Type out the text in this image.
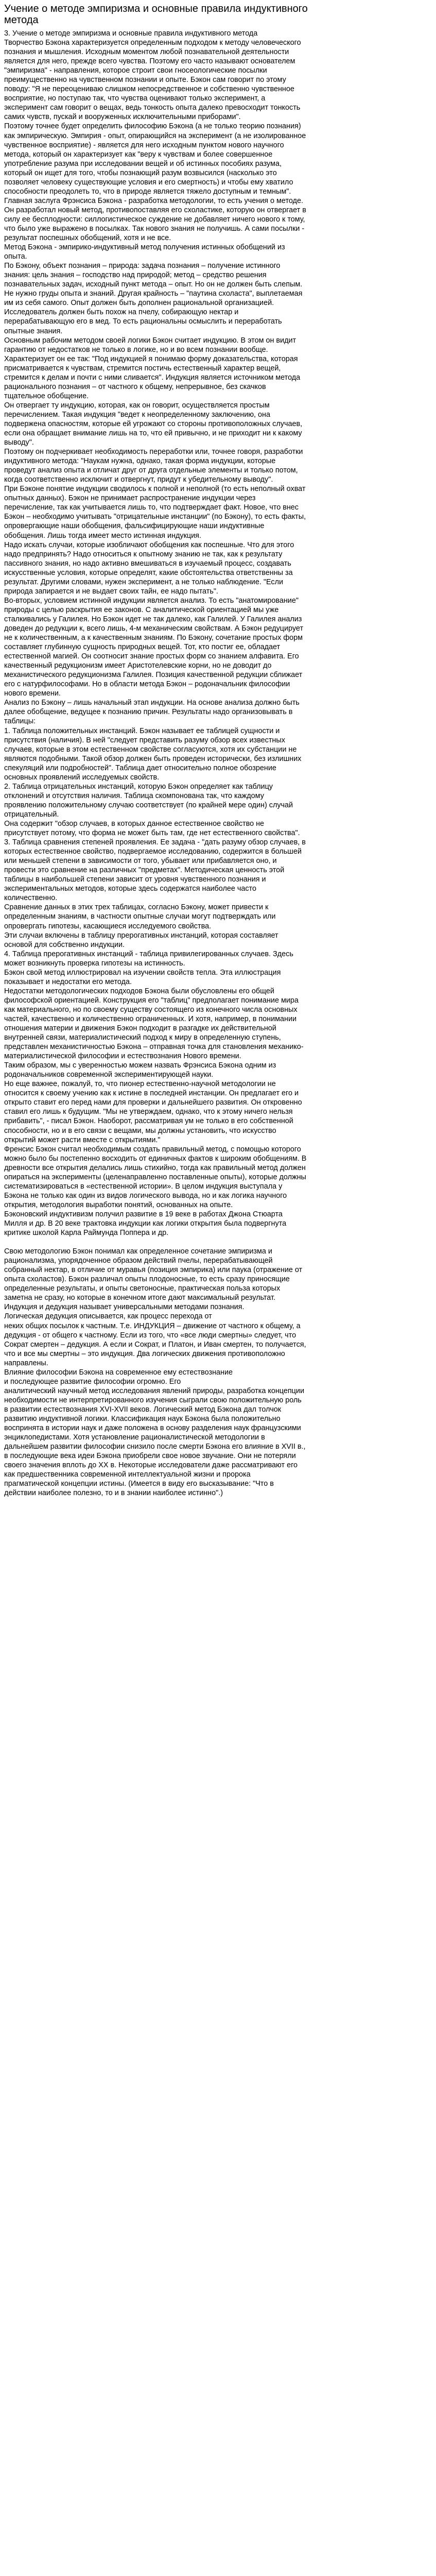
Учение о методе эмпиризма и основные правила индуктивного метода

3. Учение о методе эмпиризма и основные правила индуктивного метода

Творчество Бэкона характеризуется определенным подходом к методу человеческого познания и мышления. Исходным моментом любой познавательной деятельности является для него, прежде всего чувства. Поэтому его часто называют основателем "эмпиризма" - направления, которое строит свои гносеологические посылки преимущественно на чувственном познании и опыте. Бэкон сам говорит по этому поводу: "Я не переоцениваю слишком непосредственное и собственно чувственное восприятие, но поступаю так, что чувства оценивают только эксперимент, а эксперимент сам говорит о вещах, ведь тонкость опыта далеко превосходит тонкость самих чувств, пускай и вооруженных исключительными приборами".

Поэтому точнее будет определить философию Бэкона (а не только теорию познания) как эмпирическую. Эмпирия - опыт, опирающийся на эксперимент (а не изолированное чувственное восприятие) - является для него исходным пунктом нового научного метода, который он характеризует как "веру к чувствам и более совершенное употребление разума при исследовании вещей и об истинных пособиях разума, который он ищет для того, чтобы познающий разум возвысился (насколько это позволяет человеку существующие условия и его смертность) и чтобы ему хватило способности преодолеть то, что в природе является тяжело доступным и темным".

Главная заслуга Фрэнсиса Бэкона - разработка методологии, то есть учения о методе. Он разработал новый метод, противопоставляя его схоластике, которую он отвергает в силу ее бесплодности: силлогистическое суждение не добавляет ничего нового к тому, что было уже выражено в посылках. Так нового знания не получишь. А сами посылки - результат поспешных обобщений, хотя и не все.

Метод Бэкона - эмпирико-индуктивный метод получения истинных обобщений из опыта.

По Бэкону, объект познания – природа: задача познания – получение истинного знания: цель знания – господство над природой; метод – средство решения познавательных задач, исходный пункт метода – опыт. Но он не должен быть слепым. Не нужно груды опыта и знаний. Другая крайность – "паутина схоласта", выплетаемая им из себя самого. Опыт должен быть дополнен рациональной организацией. Исследователь должен быть похож на пчелу, собирающую нектар и перерабатывающую его в мед. То есть рациональны осмыслить и переработать опытные знания.

Основным рабочим методом своей логики Бэкон считает индукцию. В этом он видит гарантию от недостатков не только в логике, но и во всем познании вообще.

Характеризует он ее так: "Под индукцией я понимаю форму доказательства, которая присматривается к чувствам, стремится постичь естественный характер вещей, стремится к делам и почти с ними сливается". Индукция является источником метода рационального познания – от частного к общему, непрерывное, без скачков тщательное обобщение.

Он отвергает ту индукцию, которая, как он говорит, осуществляется простым перечислением. Такая индукция "ведет к неопределенному заключению, она подвержена опасностям, которые ей угрожают со стороны противоположных случаев, если она обращает внимание лишь на то, что ей привычно, и не приходит ни к какому выводу".

Поэтому он подчеркивает необходимость переработки или, точнее говоря, разработки индуктивного метода: "Наукам нужна, однако, такая форма индукции, которые проведут анализ опыта и отличат друг от друга отдельные элементы и только потом, когда соответственно исключит и отвергнут, придут к убедительному выводу".

При Бэконе понятие индукции сводилось к полной и неполной (то есть неполный охват опытных данных). Бэкон не принимает распространение индукции через перечисление, так как учитывается лишь то, что подтверждает факт. Новое, что внес Бэкон – необходимо учитывать "отрицательные инстанции" (по Бэкону), то есть факты, опровергающие наши обобщения, фальсифицирующие наши индуктивные обобщения. Лишь тогда имеет место истинная индукция.

Надо искать случаи, которые изобличают обобщения как поспешные. Что для этого надо предпринять? Надо относиться к опытному знанию не так, как к результату пассивного знания, но надо активно вмешиваться в изучаемый процесс, создавать искусственные условия, которые определят, какие обстоятельства ответственны за результат. Другими словами, нужен эксперимент, а не только наблюдение. "Если природа запирается и не выдает своих тайн, ее надо пытать".

Во-вторых, условием истинной индукции является анализ. То есть "анатомирование" природы с целью раскрытия ее законов. С аналитической ориентацией мы уже сталкивались у Галилея. Но Бэкон идет не так далеко, как Галилей. У Галилея анализ доведен до редукции к, всего лишь, 4-м механическим свойствам. А Бэкон редуцирует не к количественным, а к качественным знаниям. По Бэкону, сочетание простых форм составляет глубинную сущность природных вещей. Тот, кто постиг ее, обладает естественной магией. Он соотносит знание простых форм со знанием алфавита. Его качественный редукционизм имеет Аристотелевские корни, но не доводит до механистического редукционизма Галилея. Позиция качественной редукции сближает его с натурфилософами. Но в области метода Бэкон – родоначальник философии нового времени.

Анализ по Бэкону – лишь начальный этап индукции. На основе анализа должно быть далее обобщение, ведущее к познанию причин. Результаты надо организовывать в таблицы:

1. Таблица положительных инстанций. Бэкон называет ее таблицей сущности и присутствия (наличия). В ней "следует представить разуму обзор всех известных случаев, которые в этом естественном свойстве согласуются, хотя их субстанции не являются подобными. Такой обзор должен быть проведен исторически, без излишних спекуляций или подробностей". Таблица дает относительно полное обозрение основных проявлений исследуемых свойств.

2. Таблица отрицательных инстанций, которую Бэкон определяет как таблицу отклонений и отсутствия наличия. Таблица скомпонована так, что каждому проявлению положительному случаю соответствует (по крайней мере один) случай отрицательный.

Она содержит "обзор случаев, в которых данное естественное свойство не присутствует потому, что форма не может быть там, где нет естественного свойства".

3. Таблица сравнения степеней проявления. Ее задача - "дать разуму обзор случаев, в которых естественное свойство, подвергаемое исследованию, содержится в большей или меньшей степени в зависимости от того, убывает или прибавляется оно, и провести это сравнение на различных "предметах". Методическая ценность этой таблицы в наибольшей степени зависит от уровня чувственного познания и экспериментальных методов, которые здесь содержатся наиболее часто количественно.

Сравнение данных в этих трех таблицах, согласно Бэкону, может привести к определенным знаниям, в частности опытные случаи могут подтверждать или опровергать гипотезы, касающиеся исследуемого свойства.

Эти случаи включены в таблицу прерогативных инстанций, которая составляет основой для собственно индукции.

4. Таблица прерогативных инстанций - таблица привилегированных случаев. Здесь может возникнуть проверка гипотезы на истинность.

Бэкон свой метод иллюстрировал на изучении свойств тепла. Эта иллюстрация показывает и недостатки его метода.

Недостатки методологических подходов Бэкона были обусловлены его общей философской ориентацией. Конструкция его "таблиц" предполагает понимание мира как материального, но по своему существу состоящего из конечного числа основных частей, качественно и количественно ограниченных. И хотя, например, в понимании отношения материи и движения Бэкон подходит в разгадке их действительной внутренней связи, материалистический подход к миру в определенную ступень, представлен механистичностью Бэкона – отправная точка для становления механико-материалистической философии и естествознания Нового времени.

Таким образом, мы с уверенностью можем назвать Фрэнсиса Бэкона одним из родоначальников современной экспериментирующей науки.

Но еще важнее, пожалуй, то, что пионер естественно-научной методологии не относится к своему учению как к истине в последней инстанции. Он предлагает его и открыто ставит его перед нами для проверки и дальнейшего развития. Он откровенно ставил его лишь к будущим. "Мы не утверждаем, однако, что к этому ничего нельзя прибавить", - писал Бэкон. Наоборот, рассматривая ум не только в его собственной способности, но и в его связи с вещами, мы должны установить, что искусство открытий может расти вместе с открытиями."

Френсис Бэкон считал необходимым создать правильный метод, с помощью которого можно было бы постепенно восходить от единичных фактов к широким обобщениям. В древности все открытия делались лишь стихийно, тогда как правильный метод должен опираться на эксперименты (целенаправленно поставленные опыты), которые должны систематизироваться в «естественной истории». В целом индукция выступала у Бэкона не только как один из видов логического вывода, но и как логика научного открытия, методология выработки понятий, основанных на опыте.

Бэконовский индуктивизм получил развитие в 19 веке в работах Джона Стюарта Милля и др. В 20 веке трактовка индукции как логики открытия была подвергнута критике школой Карла Раймунда Поппера и др.

Свою методологию Бэкон понимал как определенное сочетание эмпиризма и рационализма, упорядоченное образом действий пчелы, перерабатывающей собранный нектар, в отличие от муравья (позиция эмпирика) или паука (отражение от опыта схоластов). Бэкон различал опыты плодоносные, то есть сразу приносящие определенные результаты, и опыты светоносные, практическая польза которых заметна не сразу, но которые в конечном итоге дают максимальный результат.

Индукция и дедукция называет универсальными методами познания.

Логическая дедукция описывается, как процесс перехода от

неких общих посылок к частным. Т.е. ИНДУКЦИЯ – движение от частного к общему, а дедукция - от общего к частному. Если из того, что «все люди смертны» следует, что Сократ смертен – дедукция. А если и Сократ, и Платон, и Иван смертен, то получается, что и все мы смертны – это индукция. Два логических движения противоположно направлены.

Влияние философии Бэкона на современное ему естествознание

и последующее развитие философии огромно. Его

аналитический научный метод исследования явлений природы, разработка концепции необходимости не интерпретированного изучения сыграли свою положительную роль в развитии естествознания XVI-XVII веков. Логический метод Бэкона дал толчок развитию индуктивной логики. Классификация наук Бэкона была положительно воспринята в истории наук и даже положена в основу разделения наук французскими энциклопедистами. Хотя установление рационалистической методологии в дальнейшем развитии философии снизило после смерти Бэкона его влияние в XVII в., в последующие века идеи Бэкона приобрели свое новое звучание. Они не потеряли своего значения вплоть до XX в. Некоторые исследователи даже рассматривают его как предшественника современной интеллектуальной жизни и пророка прагматической концепции истины. (Имеется в виду его высказывание: "Что в действии наиболее полезно, то и в знании наиболее истинно".)
